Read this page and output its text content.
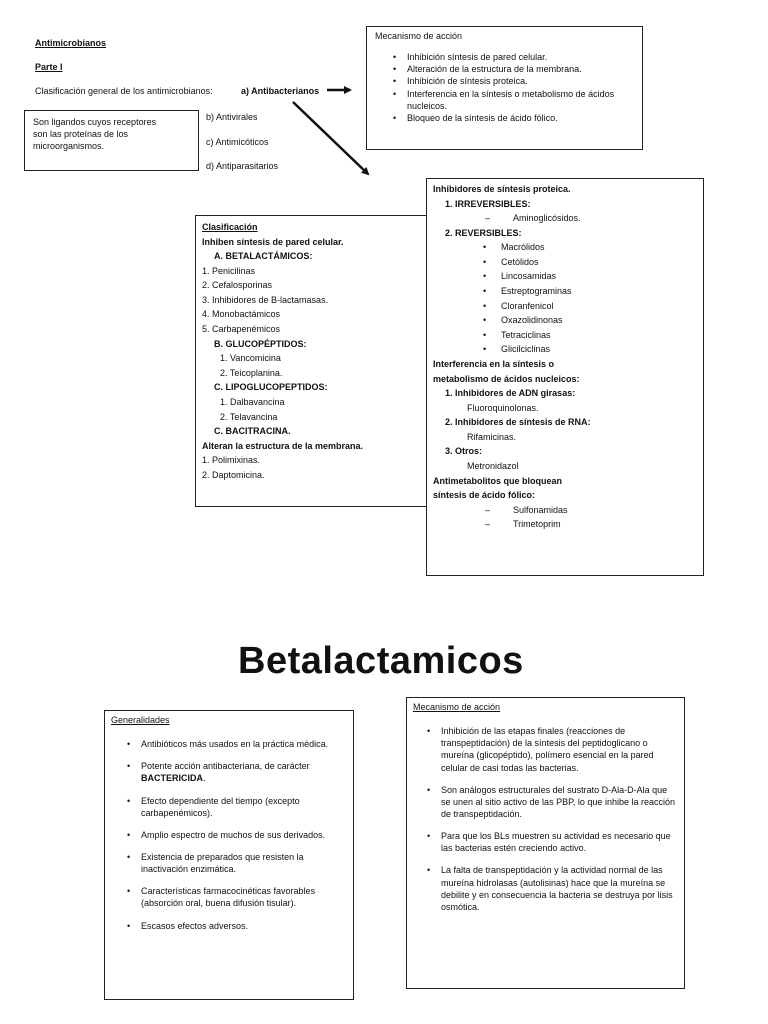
Antimicrobianos
Parte I
Clasificación general de los antimicrobianos:	a) Antibacterianos
b) Antivirales
c) Antimicóticos
d) Antiparasitarios
Son ligandos cuyos receptores
son las proteínas de los
microorganismos.
Mecanismo de acción
• Inhibición síntesis de pared celular.
• Alteración de la estructura de la membrana.
• Inhibición de síntesis proteica.
• Interferencia en la síntesis o metabolismo de ácidos nucleicos.
• Bloqueo de la síntesis de ácido fólico.
Clasificación
Inhiben síntesis de pared celular.
A. BETALACTÁMICOS:
1. Penicilinas
2. Cefalosporinas
3. Inhibidores de B-lactamasas.
4. Monobactámicos
5. Carbapenémicos
B. GLUCOPÉPTIDOS:
1. Vancomicina
2. Teicoplanina.
C. LIPOGLUCOPEPTIDOS:
1. Dalbavancina
2. Telavancina
C. BACITRACINA.
Alteran la estructura de la membrana.
1. Polimixinas.
2. Daptomicina.
Inhibidores de síntesis proteica.
1. IRREVERSIBLES:
–	Aminoglicósidos.
2. REVERSIBLES:
• Macrólidos
• Cetólidos
• Lincosamidas
• Estreptograminas
• Cloranfenicol
• Oxazolidinonas
• Tetraciclinas
• Glicilciclinas
Interferencia en la síntesis o
metabolismo de ácidos nucleicos:
1. Inhibidores de ADN girasas:
Fluoroquinolonas.
2. Inhibidores de síntesis de RNA:
Rifamicinas.
3. Otros:
Metronidazol
Antimetabolitos que bloquean
síntesis de ácido fólico:
–	Sulfonamidas
–	Trimetoprim
Betalactamicos
Generalidades
• Antibióticos más usados en la práctica médica.
• Potente acción antibacteriana, de carácter BACTERICIDA.
• Efecto dependiente del tiempo (excepto carbapenémicos).
• Amplio espectro de muchos de sus derivados.
• Existencia de preparados que resisten la inactivación enzimática.
• Características farmacocinéticas favorables (absorción oral, buena difusión tisular).
• Escasos efectos adversos.
Mecanismo de acción
• Inhibición de las etapas finales (reacciones de transpeptidación) de la síntesis del peptidoglicano o mureína (glicopéptido), polímero esencial en la pared celular de casi todas las bacterias.
• Son análogos estructurales del sustrato D-Ala-D-Ala que se unen al sitio activo de las PBP, lo que inhibe la reacción de transpeptidación.
• Para que los BLs muestren su actividad es necesario que las bacterias estén creciendo activo.
• La falta de transpeptidación y la actividad normal de las mureína hidrolasas (autolisinas) hace que la mureína se debilite y en consecuencia la bacteria se destruya por lisis osmótica.
